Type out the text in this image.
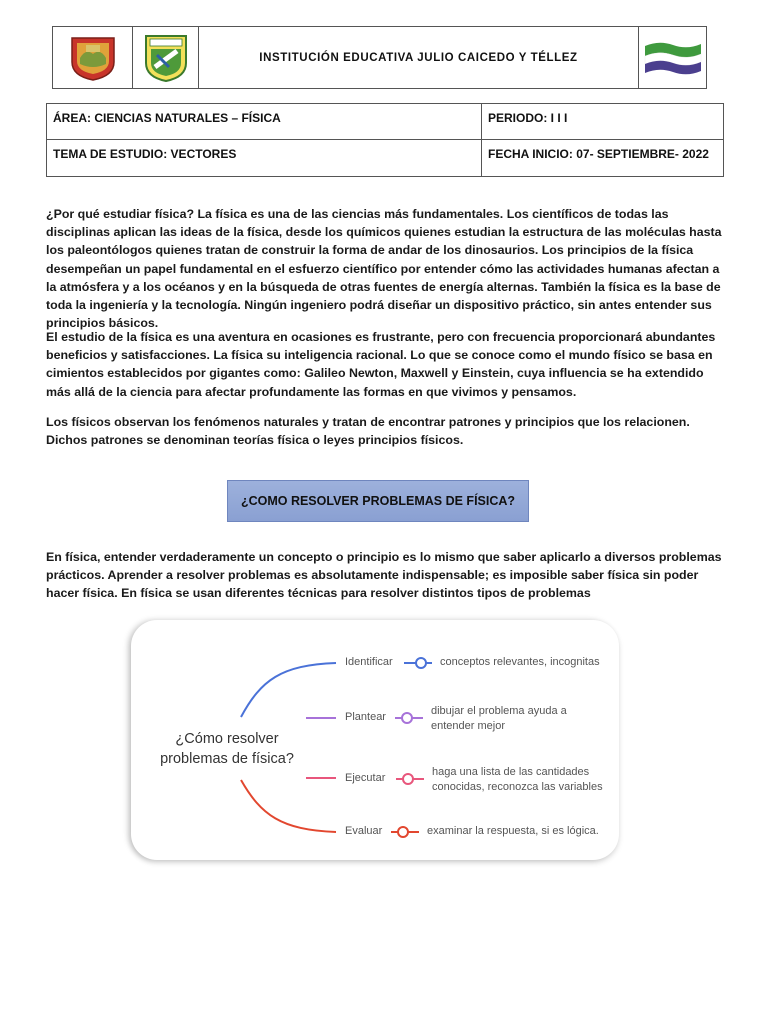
INSTITUCIÓN EDUCATIVA JULIO CAICEDO Y TÉLLEZ
ÁREA: CIENCIAS NATURALES – FÍSICA	PERIODO: I I I
TEMA DE ESTUDIO: VECTORES	FECHA INICIO: 07- SEPTIEMBRE- 2022
¿Por qué estudiar física? La física es una de las ciencias más fundamentales. Los científicos de todas las disciplinas aplican las ideas de la física, desde los químicos quienes estudian la estructura de las moléculas hasta los paleontólogos quienes tratan de construir la forma de andar de los dinosaurios. Los principios de la física desempeñan un papel fundamental en el esfuerzo científico por entender cómo las actividades humanas afectan a la atmósfera y a los océanos y en la búsqueda de otras fuentes de energía alternas. También la física es la base de toda la ingeniería y la tecnología. Ningún ingeniero podrá diseñar un dispositivo práctico, sin antes entender sus principios básicos.
El estudio de la física es una aventura en ocasiones es frustrante, pero con frecuencia proporcionará abundantes beneficios y satisfacciones. La física su inteligencia racional. Lo que se conoce como el mundo físico se basa en cimientos establecidos por gigantes como: Galileo Newton, Maxwell y Einstein, cuya influencia se ha extendido más allá de la ciencia para afectar profundamente las formas en que vivimos y pensamos.
Los físicos observan los fenómenos naturales y tratan de encontrar patrones y principios que los relacionen. Dichos patrones se denominan teorías física o leyes principios físicos.
¿COMO RESOLVER PROBLEMAS DE FÍSICA?
En física, entender verdaderamente un concepto o principio es lo mismo que saber aplicarlo a diversos problemas prácticos. Aprender a resolver problemas es absolutamente indispensable; es imposible saber física sin poder hacer física. En física se usan diferentes técnicas para resolver distintos tipos de problemas
¿Cómo resolver
problemas de física?
Identificar	conceptos relevantes, incognitas
Plantear	dibujar el problema ayuda a
entender mejor
Ejecutar	haga una lista de las cantidades
conocidas, reconozca las variables
Evaluar	examinar la respuesta, si es lógica.
